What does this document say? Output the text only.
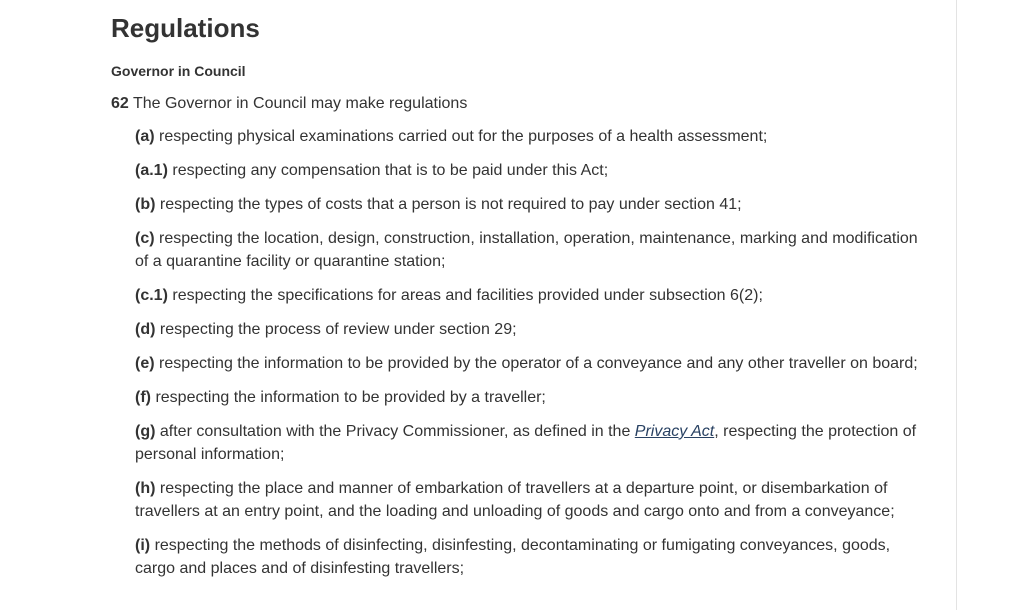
Regulations
Governor in Council
62 The Governor in Council may make regulations
(a) respecting physical examinations carried out for the purposes of a health assessment;
(a.1) respecting any compensation that is to be paid under this Act;
(b) respecting the types of costs that a person is not required to pay under section 41;
(c) respecting the location, design, construction, installation, operation, maintenance, marking and modification of a quarantine facility or quarantine station;
(c.1) respecting the specifications for areas and facilities provided under subsection 6(2);
(d) respecting the process of review under section 29;
(e) respecting the information to be provided by the operator of a conveyance and any other traveller on board;
(f) respecting the information to be provided by a traveller;
(g) after consultation with the Privacy Commissioner, as defined in the Privacy Act, respecting the protection of personal information;
(h) respecting the place and manner of embarkation of travellers at a departure point, or disembarkation of travellers at an entry point, and the loading and unloading of goods and cargo onto and from a conveyance;
(i) respecting the methods of disinfecting, disinfesting, decontaminating or fumigating conveyances, goods, cargo and places and of disinfesting travellers;
